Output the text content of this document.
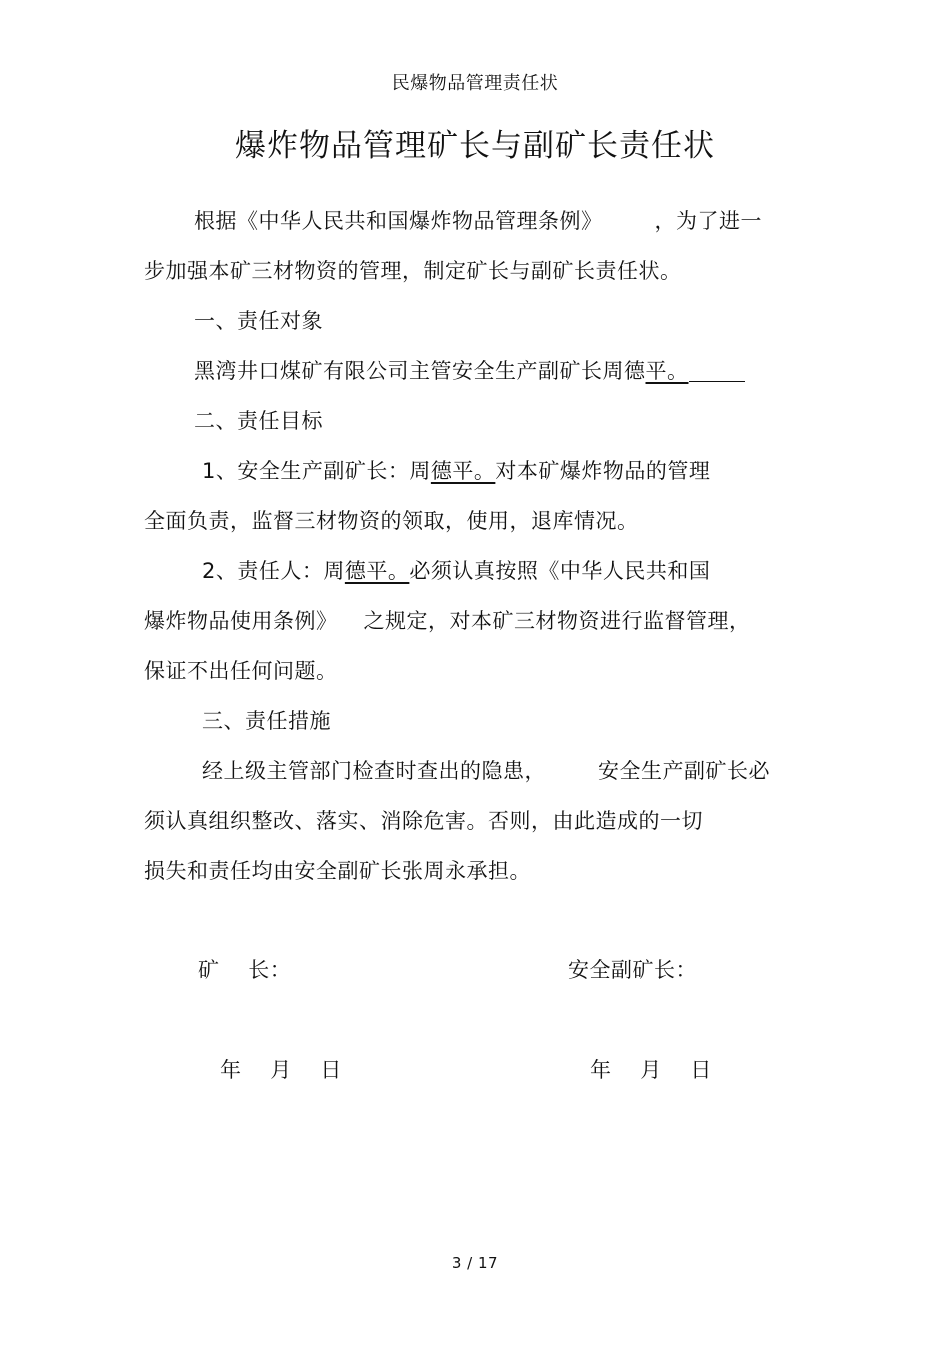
民爆物品管理责任状
爆炸物品管理矿长与副矿长责任状
根据《中华人民共和国爆炸物品管理条例》 ，为了进一
步加强本矿三材物资的管理，制定矿长与副矿长责任状。
一、责任对象
黑湾井口煤矿有限公司主管安全生产副矿长周德平。
二、责任目标
1、安全生产副矿长：周德平。对本矿爆炸物品的管理
全面负责，监督三材物资的领取，使用，退库情况。
2、责任人：周德平。必须认真按照《中华人民共和国
爆炸物品使用条例》 之规定，对本矿三材物资进行监督管理，
保证不出任何问题。
三、责任措施
经上级主管部门检查时查出的隐患， 安全生产副矿长必
须认真组织整改、落实、消除危害。否则，由此造成的一切
损失和责任均由安全副矿长张周永承担。
矿    长：	安全副矿长：
年    月    日	年    月    日
3 / 17
